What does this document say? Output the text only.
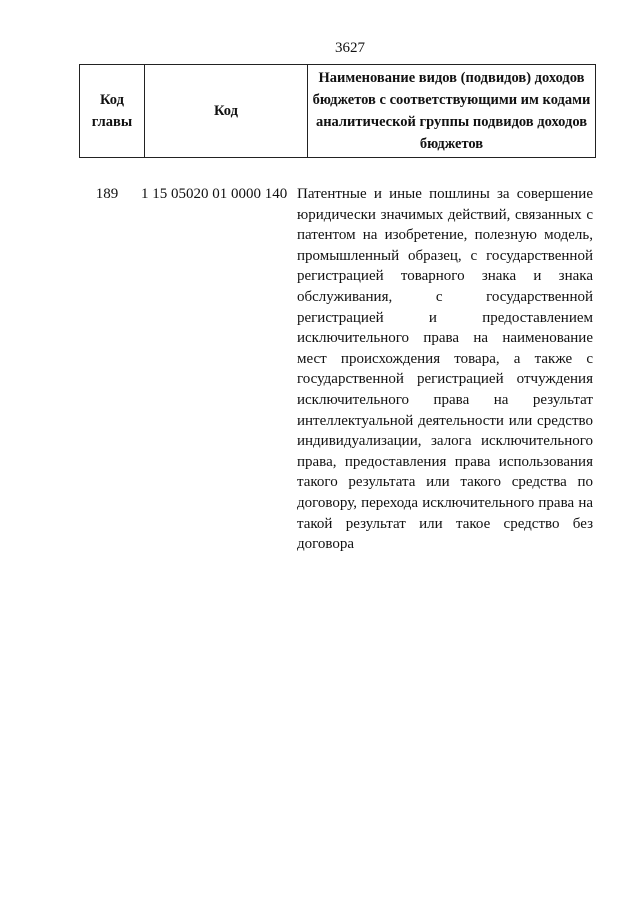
3627
Код главы	Код	Наименование видов (подвидов) доходов бюджетов с соответствующими им кодами аналитической группы подвидов доходов бюджетов
189	1 15 05020 01 0000 140 Патентные и иные пошлины за совершение юридически значимых действий, связанных с патентом на изобретение, полезную модель, промышленный образец, с государственной регистрацией товарного знака и знака обслуживания, с государственной регистрацией и предоставлением исключительного права на наименование мест происхождения товара, а также с государственной регистрацией отчуждения исключительного права на результат интеллектуальной деятельности или средство индивидуализации, залога исключительного права, предоставления права использования такого результата или такого средства по договору, перехода исключительного права на такой результат или такое средство без договора
